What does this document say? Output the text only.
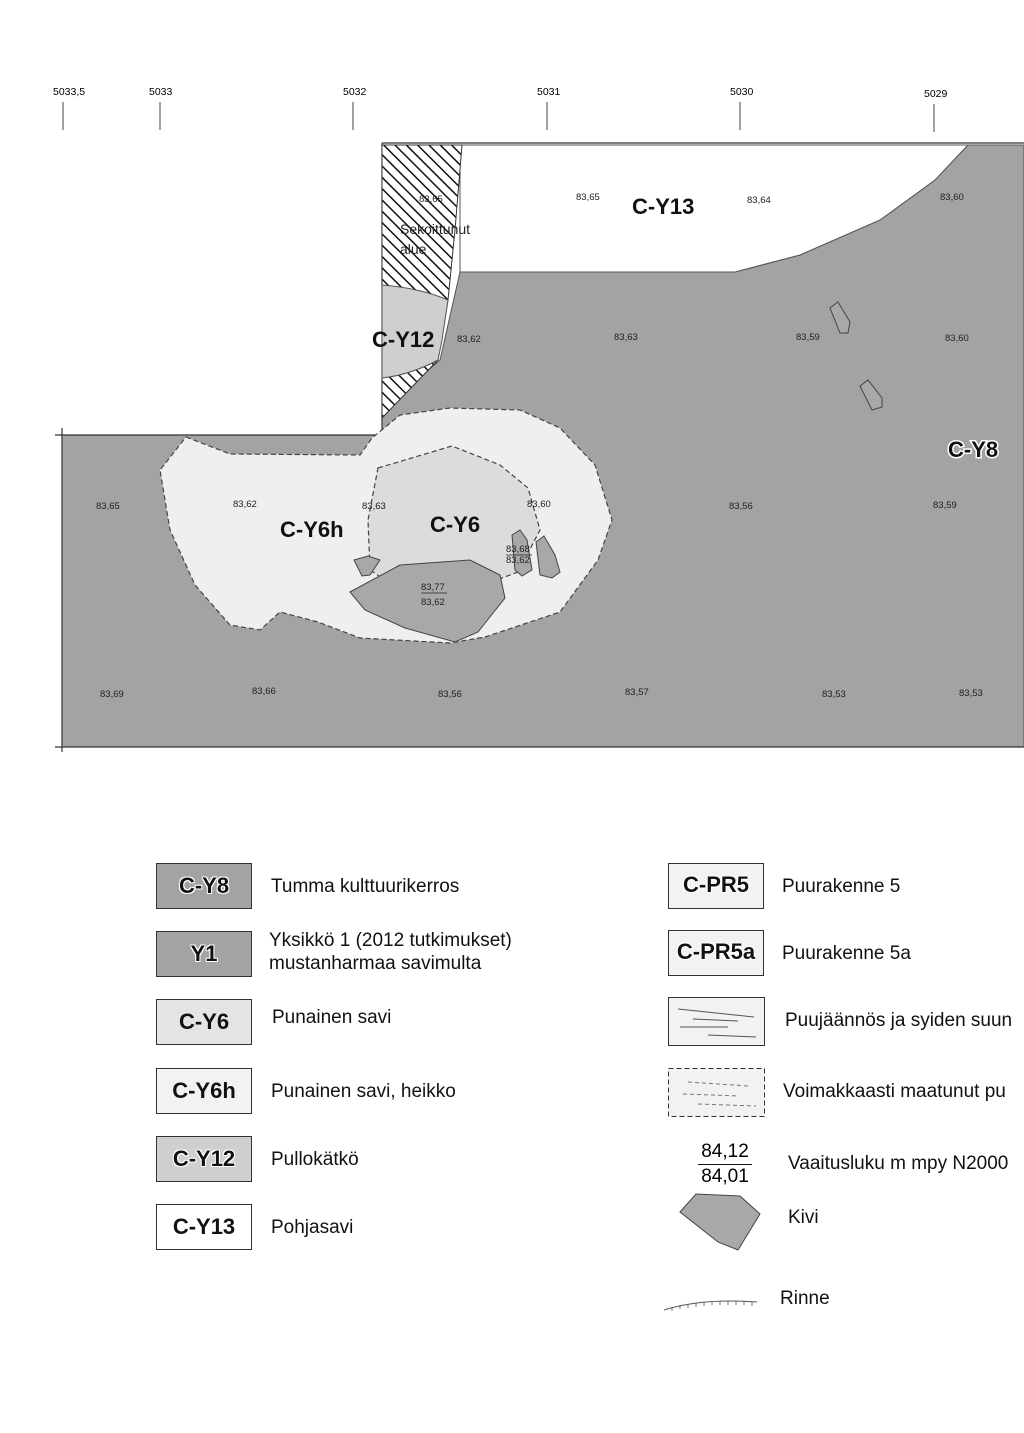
5033,5	5033	5032	5031	5030	5029
C-Y13
C-Y12
C-Y8
C-Y6h	C-Y6
Sekoittunut
alue
83,65	83,65	83,64	83,60
83,62	83,63	83,59	83,60
83,65	83,62	83,63	83,60	83,56	83,59
83,68
83,62
83,77
83,62
83,69	83,66	83,56	83,57	83,53	83,53
C-Y8 Tumma kulttuurikerros
Y1
Yksikkö 1 (2012 tutkimukset)
mustanharmaa savimulta
C-Y6 Punainen savi
C-Y6h Punainen savi, heikko
C-Y12 Pullokätkö
C-Y13 Pohjasavi
C-PR5 Puurakenne 5
C-PR5a Puurakenne 5a
Puujäännös ja syiden suun
Voimakkaasti maatunut pu
84,12
84,01
Vaaitusluku m mpy N2000
Kivi
Rinne
